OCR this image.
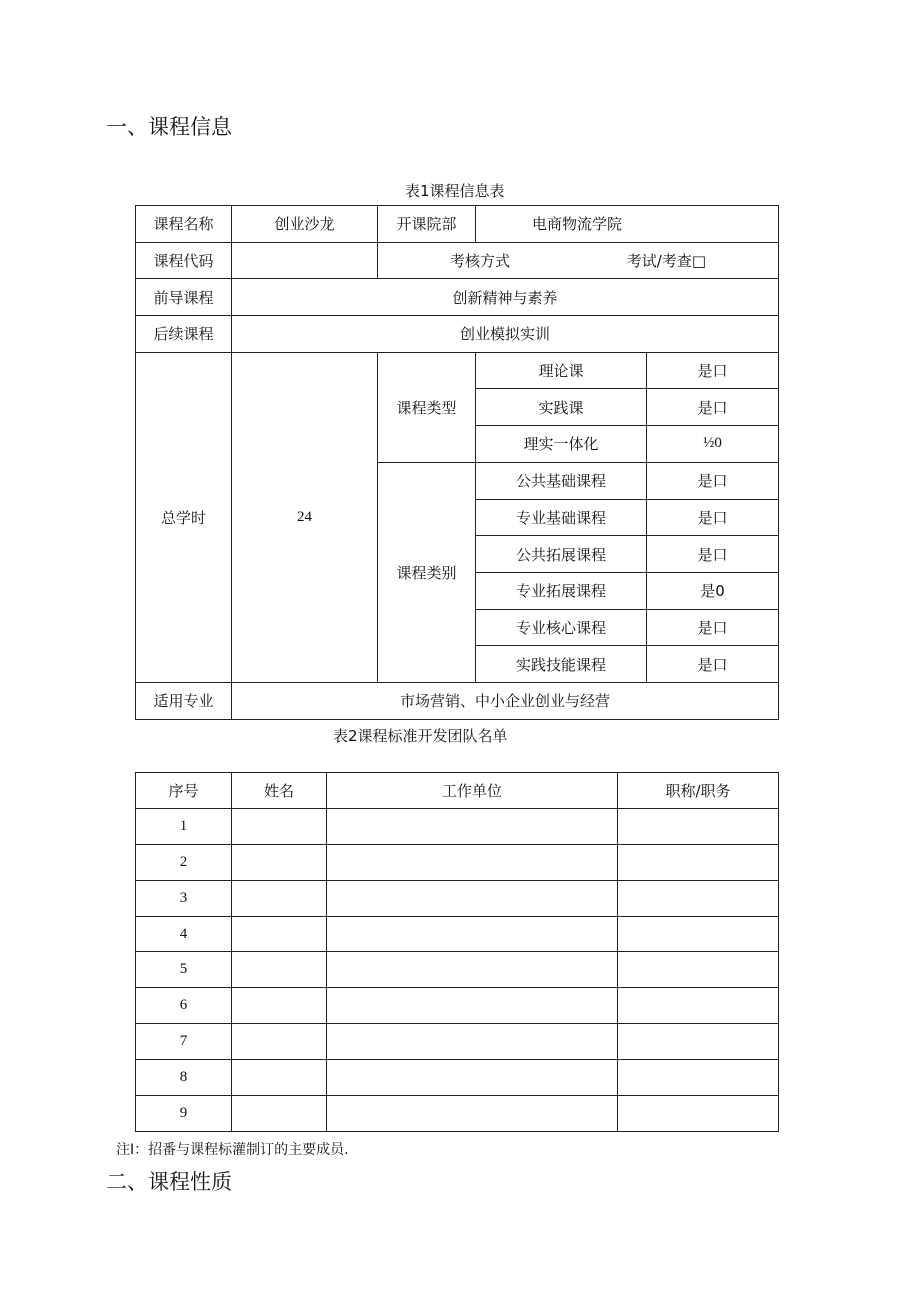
一、课程信息
表1课程信息表
课程名称	创业沙龙	开课院部	电商物流学院	
课程代码		考核方式 考试/考查□		

前导课程	创新精神与素养			
后续课程	创业模拟实训			
总学时	24	课程类型	理论课	是口
			实践课	是口
			理实一体化	½0
		课程类别	公共基础课程	是口
			专业基础课程	是口
			公共拓展课程	是口
			专业拓展课程	是0
			专业核心课程	是口
			实践技能课程	是口
适用专业	市场营销、中小企业创业与经营			
表2课程标准开发团队名单
序号	姓名	工作单位	职称/职务
1			
2			
3			
4			
5			
6			
7			
8			
9			
注I：招番与课程标灌制订的主要成员.
二、课程性质
